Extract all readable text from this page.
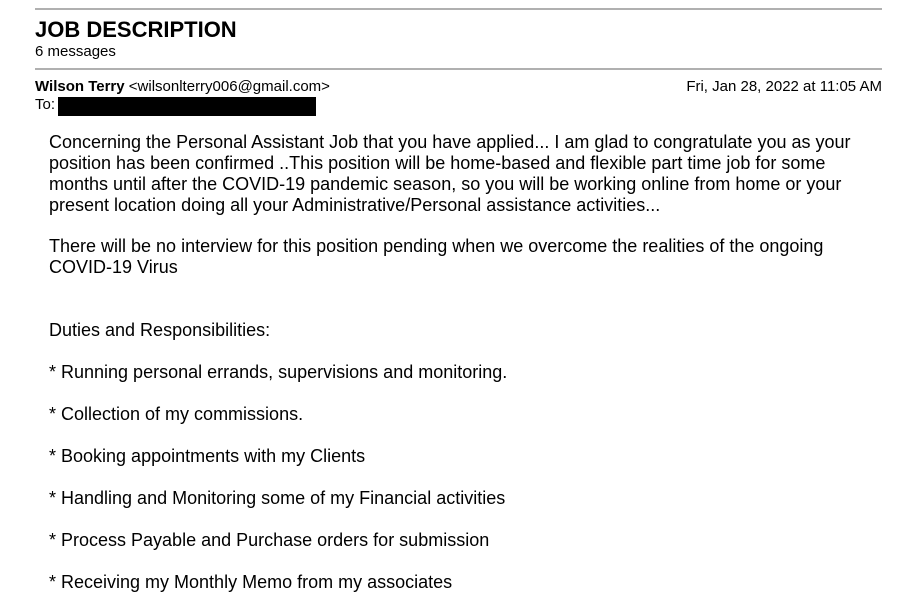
JOB DESCRIPTION
6 messages
Wilson Terry <wilsonlterry006@gmail.com>	Fri, Jan 28, 2022 at 11:05 AM
To:

Concerning the Personal Assistant Job that you have applied... I am glad to congratulate you as your position has been confirmed ..This position will be home-based and flexible part time job for some months until after the COVID-19 pandemic season, so you will be working online from home or your present location doing all your Administrative/Personal assistance activities...

There will be no interview for this position pending when we overcome the realities of the ongoing COVID-19 Virus

Duties and Responsibilities:
* Running personal errands, supervisions and monitoring.
* Collection of my commissions.
* Booking appointments with my Clients
* Handling and Monitoring some of my Financial activities
* Process Payable and Purchase orders for submission
* Receiving my Monthly Memo from my associates
